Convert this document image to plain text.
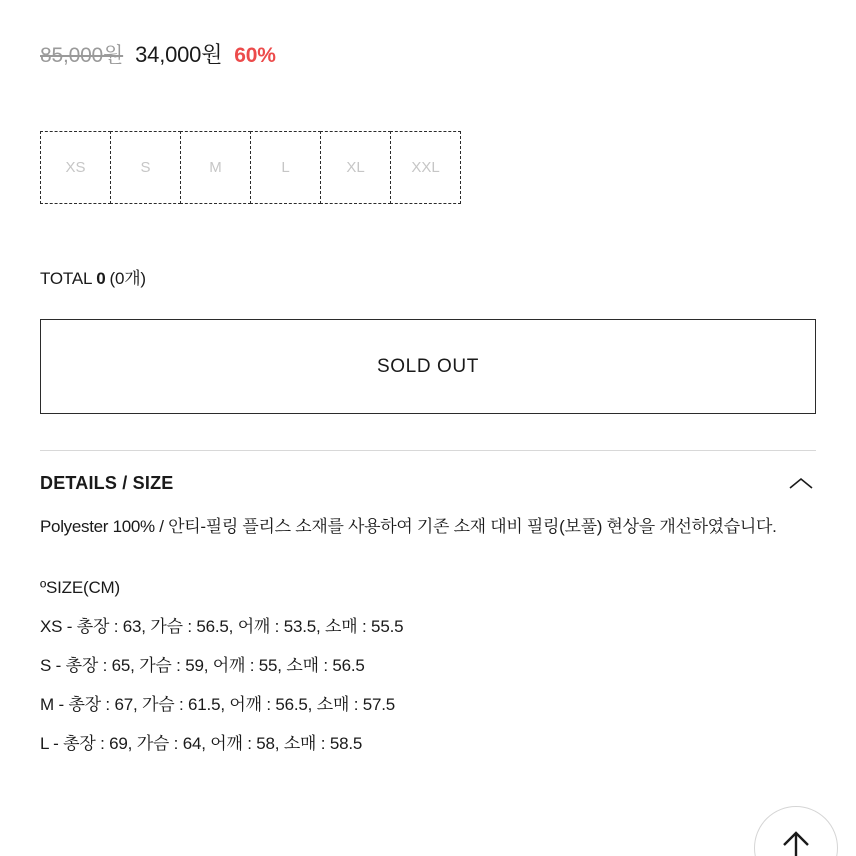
85,000원 34,000원 60%
XS	S	M	L	XL	XXL
TOTAL 0 (0개)
SOLD OUT
DETAILS / SIZE
Polyester 100% / 안티-필링 플리스 소재를 사용하여 기존 소재 대비 필링(보풀) 현상을 개선하였습니다.
ºSIZE(CM)
XS - 총장 : 63, 가슴 : 56.5, 어깨 : 53.5, 소매 : 55.5
S - 총장 : 65, 가슴 : 59, 어깨 : 55, 소매 : 56.5
M - 총장 : 67, 가슴 : 61.5, 어깨 : 56.5, 소매 : 57.5
L - 총장 : 69, 가슴 : 64, 어깨 : 58, 소매 : 58.5
